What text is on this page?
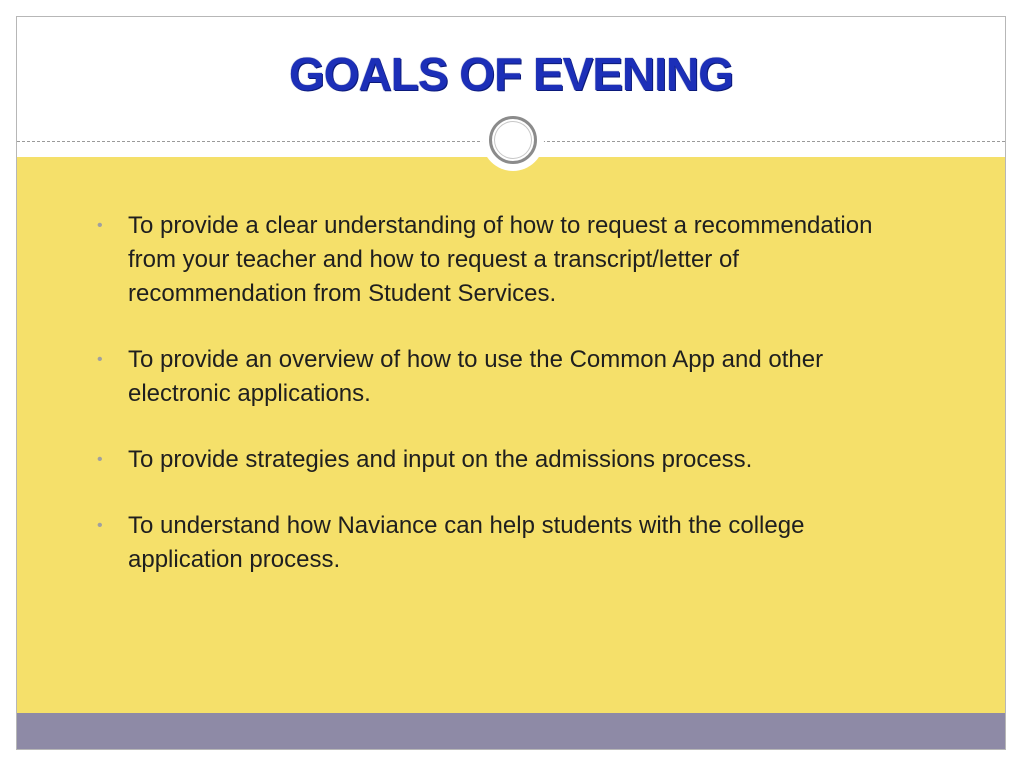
GOALS OF EVENING
• To provide a clear understanding of how to request a recommendation from your teacher and how to request a transcript/letter of recommendation from Student Services.
• To provide an overview of how to use the Common App and other electronic applications.
• To provide strategies and input on the admissions process.
• To understand how Naviance can help students with the college application process.
